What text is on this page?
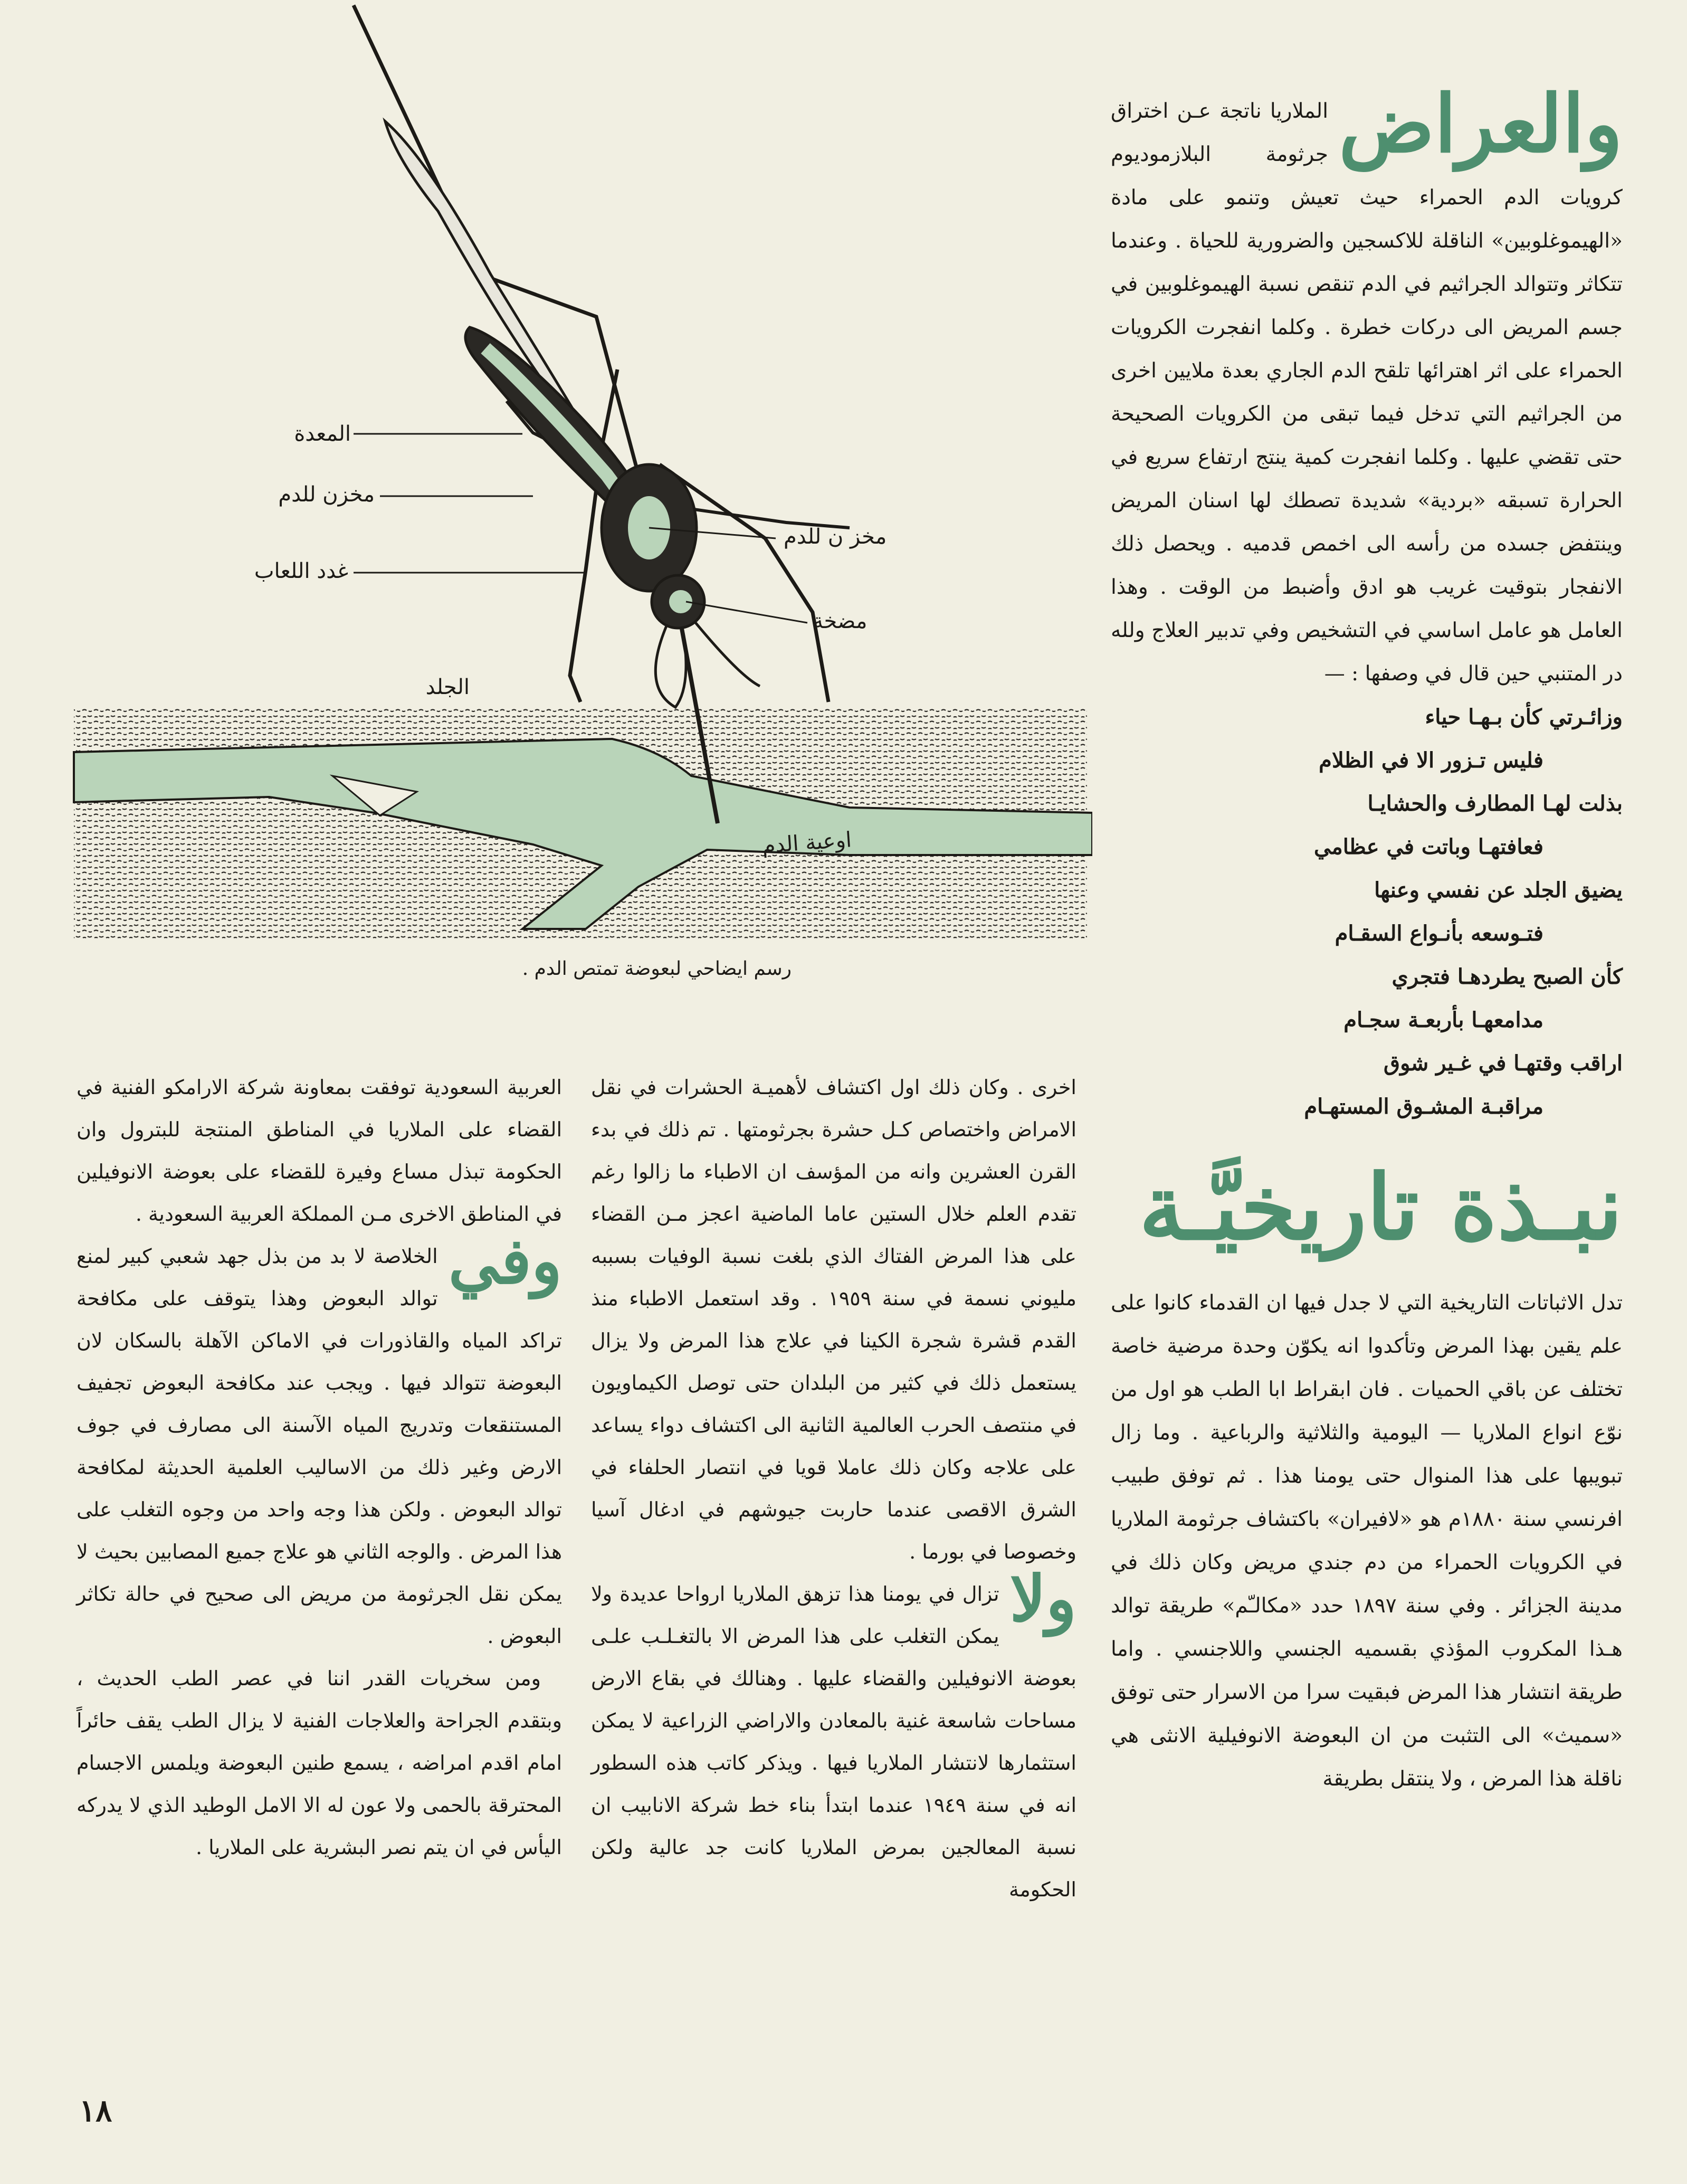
المعدة
مخزن للدم
غدد اللعاب
الجلد
مخز ن للدم
مضخة
اوعية الدم
رسم ايضاحي لبعوضة تمتص الدم .
والعراض

الملاريا ناتجة عـن اختراق جرثومة البلازموديوم كرويات الدم الحمراء حيث تعيش وتنمو على مادة «الهيموغلوبين» الناقلة للاكسجين والضرورية للحياة . وعندما تتكاثر وتتوالد الجراثيم في الدم تنقص نسبة الهيموغلوبين في جسم المريض الى دركات خطرة . وكلما انفجرت الكرويات الحمراء على اثر اهترائها تلقح الدم الجاري بعدة ملايين اخرى من الجراثيم التي تدخل فيما تبقى من الكرويات الصحيحة حتى تقضي عليها . وكلما انفجرت كمية ينتج ارتفاع سريع في الحرارة تسبقه «بردية» شديدة تصطك لها اسنان المريض وينتفض جسده من رأسه الى اخمص قدميه . ويحصل ذلك الانفجار بتوقيت غريب هو ادق وأضبط من الوقت . وهذا العامل هو عامل اساسي في التشخيص وفي تدبير العلاج ولله در المتنبي حين قال في وصفها : —

وزائـرتي كأن بـهـا حياء

فليس تـزور الا في الظلام

بذلت لهـا المطارف والحشايـا

فعافتهـا وباتت في عظامي

يضيق الجلد عن نفسي وعنها

فتـوسعه بأنـواع السقـام

كأن الصبح يطردهـا فتجري

مدامعهـا بأربعـة سجـام

اراقب وقتهـا في غـير شوق

مراقبـة المشـوق المستهـام

نبـذة تاريخيَّـة

تدل الاثباتات التاريخية التي لا جدل فيها ان القدماء كانوا على علم يقين بهذا المرض وتأكدوا انه يكوّن وحدة مرضية خاصة تختلف عن باقي الحميات . فان ابقراط ابا الطب هو اول من نوّع انواع الملاريا — اليومية والثلاثية والرباعية . وما زال تبويبها على هذا المنوال حتى يومنا هذا . ثم توفق طبيب افرنسي سنة ١٨٨٠م هو «لافيران» باكتشاف جرثومة الملاريا في الكرويات الحمراء من دم جندي مريض وكان ذلك في مدينة الجزائر . وفي سنة ١٨٩٧ حدد «مكالـّم» طريقة توالد هـذا المكروب المؤذي بقسميه الجنسي واللاجنسي . واما طريقة انتشار هذا المرض فبقيت سرا من الاسرار حتى توفق «سميث» الى التثبت من ان البعوضة الانوفيلية الانثى هي ناقلة هذا المرض ، ولا ينتقل بطريقة

اخرى . وكان ذلك اول اكتشاف لأهميـة الحشرات في نقل الامراض واختصاص كـل حشرة بجرثومتها . تم ذلك في بدء القرن العشرين وانه من المؤسف ان الاطباء ما زالوا رغم تقدم العلم خلال الستين عاما الماضية اعجز مـن القضاء على هذا المرض الفتاك الذي بلغت نسبة الوفيات بسببه مليوني نسمة في سنة ١٩٥٩ . وقد استعمل الاطباء منذ القدم قشرة شجرة الكينا في علاج هذا المرض ولا يزال يستعمل ذلك في كثير من البلدان حتى توصل الكيماويون في منتصف الحرب العالمية الثانية الى اكتشاف دواء يساعد على علاجه وكان ذلك عاملا قويا في انتصار الحلفاء في الشرق الاقصى عندما حاربت جيوشهم في ادغال آسيا وخصوصا في بورما .

ولا

تزال في يومنا هذا تزهق الملاريا ارواحا عديدة ولا يمكن التغلب على هذا المرض الا بالتغـلـب علـى بعوضة الانوفيلين والقضاء عليها . وهنالك في بقاع الارض مساحات شاسعة غنية بالمعادن والاراضي الزراعية لا يمكن استثمارها لانتشار الملاريا فيها . ويذكر كاتب هذه السطور انه في سنة ١٩٤٩ عندما ابتدأ بناء خط شركة الانابيب ان نسبة المعالجين بمرض الملاريا كانت جد عالية ولكن الحكومة

العربية السعودية توفقت بمعاونة شركة الارامكو الفنية في القضاء على الملاريا في المناطق المنتجة للبترول وان الحكومة تبذل مساع وفيرة للقضاء على بعوضة الانوفيلين في المناطق الاخرى مـن المملكة العربية السعودية .

وفي

الخلاصة لا بد من بذل جهد شعبي كبير لمنع توالد البعوض وهذا يتوقف على مكافحة تراكد المياه والقاذورات في الاماكن الآهلة بالسكان لان البعوضة تتوالد فيها . ويجب عند مكافحة البعوض تجفيف المستنقعات وتدريج المياه الآسنة الى مصارف في جوف الارض وغير ذلك من الاساليب العلمية الحديثة لمكافحة توالد البعوض . ولكن هذا وجه واحد من وجوه التغلب على هذا المرض . والوجه الثاني هو علاج جميع المصابين بحيث لا يمكن نقل الجرثومة من مريض الى صحيح في حالة تكاثر البعوض .

ومن سخريات القدر اننا في عصر الطب الحديث ، وبتقدم الجراحة والعلاجات الفنية لا يزال الطب يقف حائراً امام اقدم امراضه ، يسمع طنين البعوضة ويلمس الاجسام المحترقة بالحمى ولا عون له الا الامل الوطيد الذي لا يدركه اليأس في ان يتم نصر البشرية على الملاريا .

١٨
